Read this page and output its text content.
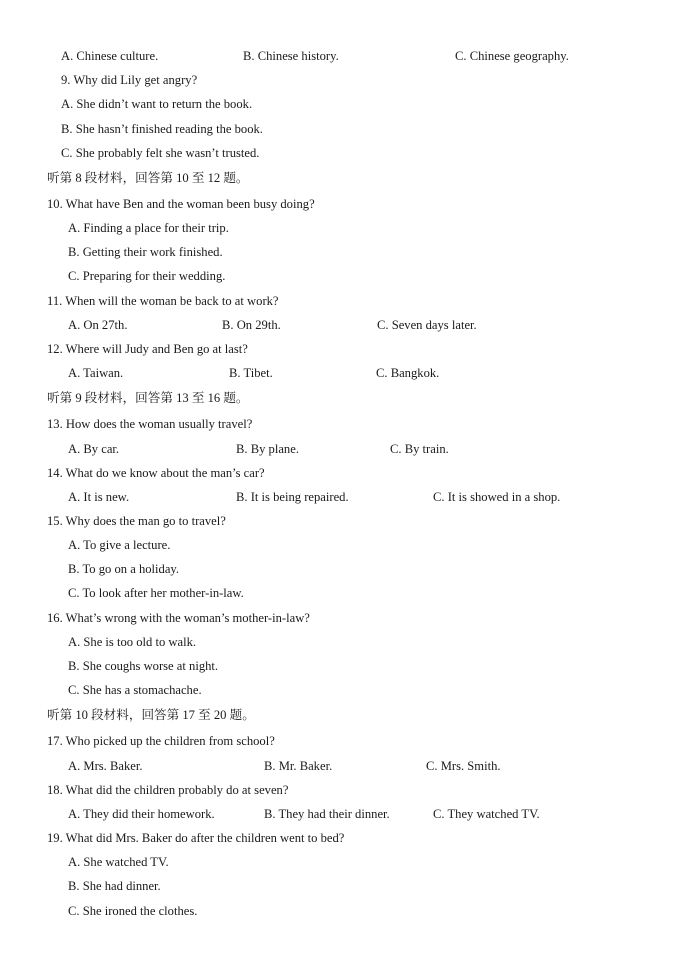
A. Chinese culture.	B. Chinese history.	C. Chinese geography.
9. Why did Lily get angry?
A. She didn’t want to return the book.
B. She hasn’t finished reading the book.
C. She probably felt she wasn’t trusted.
听第 8 段材料，回答第 10 至 12 题。
10. What have Ben and the woman been busy doing?
A. Finding a place for their trip.
B. Getting their work finished.
C. Preparing for their wedding.
11. When will the woman be back to at work?
A. On 27th.	B. On 29th.	C. Seven days later.
12. Where will Judy and Ben go at last?
A. Taiwan.	B. Tibet.	C. Bangkok.
听第 9 段材料，回答第 13 至 16 题。
13. How does the woman usually travel?
A. By car.	B. By plane.	C. By train.
14. What do we know about the man’s car?
A. It is new.	B. It is being repaired.	C. It is showed in a shop.
15. Why does the man go to travel?
A. To give a lecture.
B. To go on a holiday.
C. To look after her mother-in-law.
16. What’s wrong with the woman’s mother-in-law?
A. She is too old to walk.
B. She coughs worse at night.
C. She has a stomachache.
听第 10 段材料，回答第 17 至 20 题。
17. Who picked up the children from school?
A. Mrs. Baker.	B. Mr. Baker.	C. Mrs. Smith.
18. What did the children probably do at seven?
A. They did their homework.	B. They had their dinner.	C. They watched TV.
19. What did Mrs. Baker do after the children went to bed?
A. She watched TV.
B. She had dinner.
C. She ironed the clothes.
